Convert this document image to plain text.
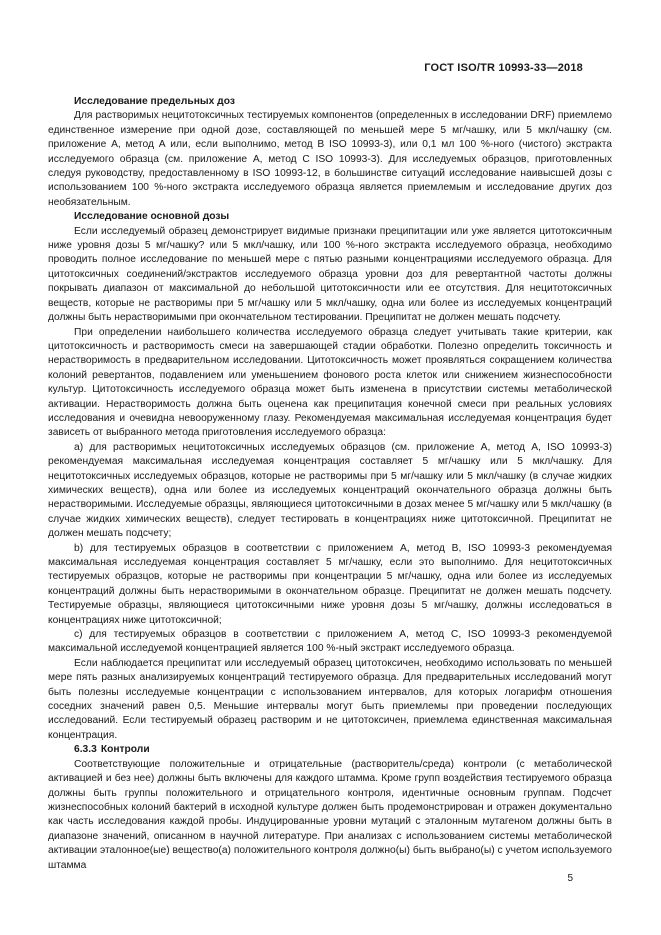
ГОСТ ISO/TR 10993-33—2018
Исследование предельных доз

Для растворимых нецитотоксичных тестируемых компонентов (определенных в исследовании DRF) приемлемо единственное измерение при одной дозе, составляющей по меньшей мере 5 мг/чашку, или 5 мкл/чашку (см. приложение А, метод А или, если выполнимо, метод В ISO 10993-3), или 0,1 мл 100 %-ного (чистого) экстракта исследуемого образца (см. приложение А, метод С ISO 10993-3). Для исследуемых образцов, приготовленных следуя руководству, предоставленному в ISO 10993-12, в большинстве ситуаций исследование наивысшей дозы с использованием 100 %-ного экстракта исследуемого образца является приемлемым и исследование других доз необязательным.

Исследование основной дозы

Если исследуемый образец демонстрирует видимые признаки преципитации или уже является цитотоксичным ниже уровня дозы 5 мг/чашку? или 5 мкл/чашку, или 100 %-ного экстракта исследуемого образца, необходимо проводить полное исследование по меньшей мере с пятью разными концентрациями исследуемого образца. Для цитотоксичных соединений/экстрактов исследуемого образца уровни доз для ревертантной частоты должны покрывать диапазон от максимальной до небольшой цитотоксичности или ее отсутствия. Для нецитотоксичных веществ, которые не растворимы при 5 мг/чашку или 5 мкл/чашку, одна или более из исследуемых концентраций должны быть нерастворимыми при окончательном тестировании. Преципитат не должен мешать подсчету.

При определении наибольшего количества исследуемого образца следует учитывать такие критерии, как цитотоксичность и растворимость смеси на завершающей стадии обработки. Полезно определить токсичность и нерастворимость в предварительном исследовании. Цитотоксичность может проявляться сокращением количества колоний ревертантов, подавлением или уменьшением фонового роста клеток или снижением жизнеспособности культур. Цитотоксичность исследуемого образца может быть изменена в присутствии системы метаболической активации. Нерастворимость должна быть оценена как преципитация конечной смеси при реальных условиях исследования и очевидна невооруженному глазу. Рекомендуемая максимальная исследуемая концентрация будет зависеть от выбранного метода приготовления исследуемого образца:

а) для растворимых нецитотоксичных исследуемых образцов (см. приложение А, метод А, ISO 10993-3) рекомендуемая максимальная исследуемая концентрация составляет 5 мг/чашку или 5 мкл/чашку. Для нецитотоксичных исследуемых образцов, которые не растворимы при 5 мг/чашку или 5 мкл/чашку (в случае жидких химических веществ), одна или более из исследуемых концентраций окончательного образца должны быть нерастворимыми. Исследуемые образцы, являющиеся цитотоксичными в дозах менее 5 мг/чашку или 5 мкл/чашку (в случае жидких химических веществ), следует тестировать в концентрациях ниже цитотоксичной. Преципитат не должен мешать подсчету;

b) для тестируемых образцов в соответствии с приложением А, метод В, ISO 10993-3 рекомендуемая максимальная исследуемая концентрация составляет 5 мг/чашку, если это выполнимо. Для нецитотоксичных тестируемых образцов, которые не растворимы при концентрации 5 мг/чашку, одна или более из исследуемых концентраций должны быть нерастворимыми в окончательном образце. Преципитат не должен мешать подсчету. Тестируемые образцы, являющиеся цитотоксичными ниже уровня дозы 5 мг/чашку, должны исследоваться в концентрациях ниже цитотоксичной;

с) для тестируемых образцов в соответствии с приложением А, метод С, ISO 10993-3 рекомендуемой максимальной исследуемой концентрацией является 100 %-ный экстракт исследуемого образца.

Если наблюдается преципитат или исследуемый образец цитотоксичен, необходимо использовать по меньшей мере пять разных анализируемых концентраций тестируемого образца. Для предварительных исследований могут быть полезны исследуемые концентрации с использованием интервалов, для которых логарифм отношения соседних значений равен 0,5. Меньшие интервалы могут быть приемлемы при проведении последующих исследований. Если тестируемый образец растворим и не цитотоксичен, приемлема единственная максимальная концентрация.

6.3.3 Контроли

Соответствующие положительные и отрицательные (растворитель/среда) контроли (с метаболической активацией и без нее) должны быть включены для каждого штамма. Кроме групп воздействия тестируемого образца должны быть группы положительного и отрицательного контроля, идентичные основным группам. Подсчет жизнеспособных колоний бактерий в исходной культуре должен быть продемонстрирован и отражен документально как часть исследования каждой пробы. Индуцированные уровни мутаций с эталонным мутагеном должны быть в диапазоне значений, описанном в научной литературе. При анализах с использованием системы метаболической активации эталонное(ые) вещество(а) положительного контроля должно(ы) быть выбрано(ы) с учетом используемого штамма

5
